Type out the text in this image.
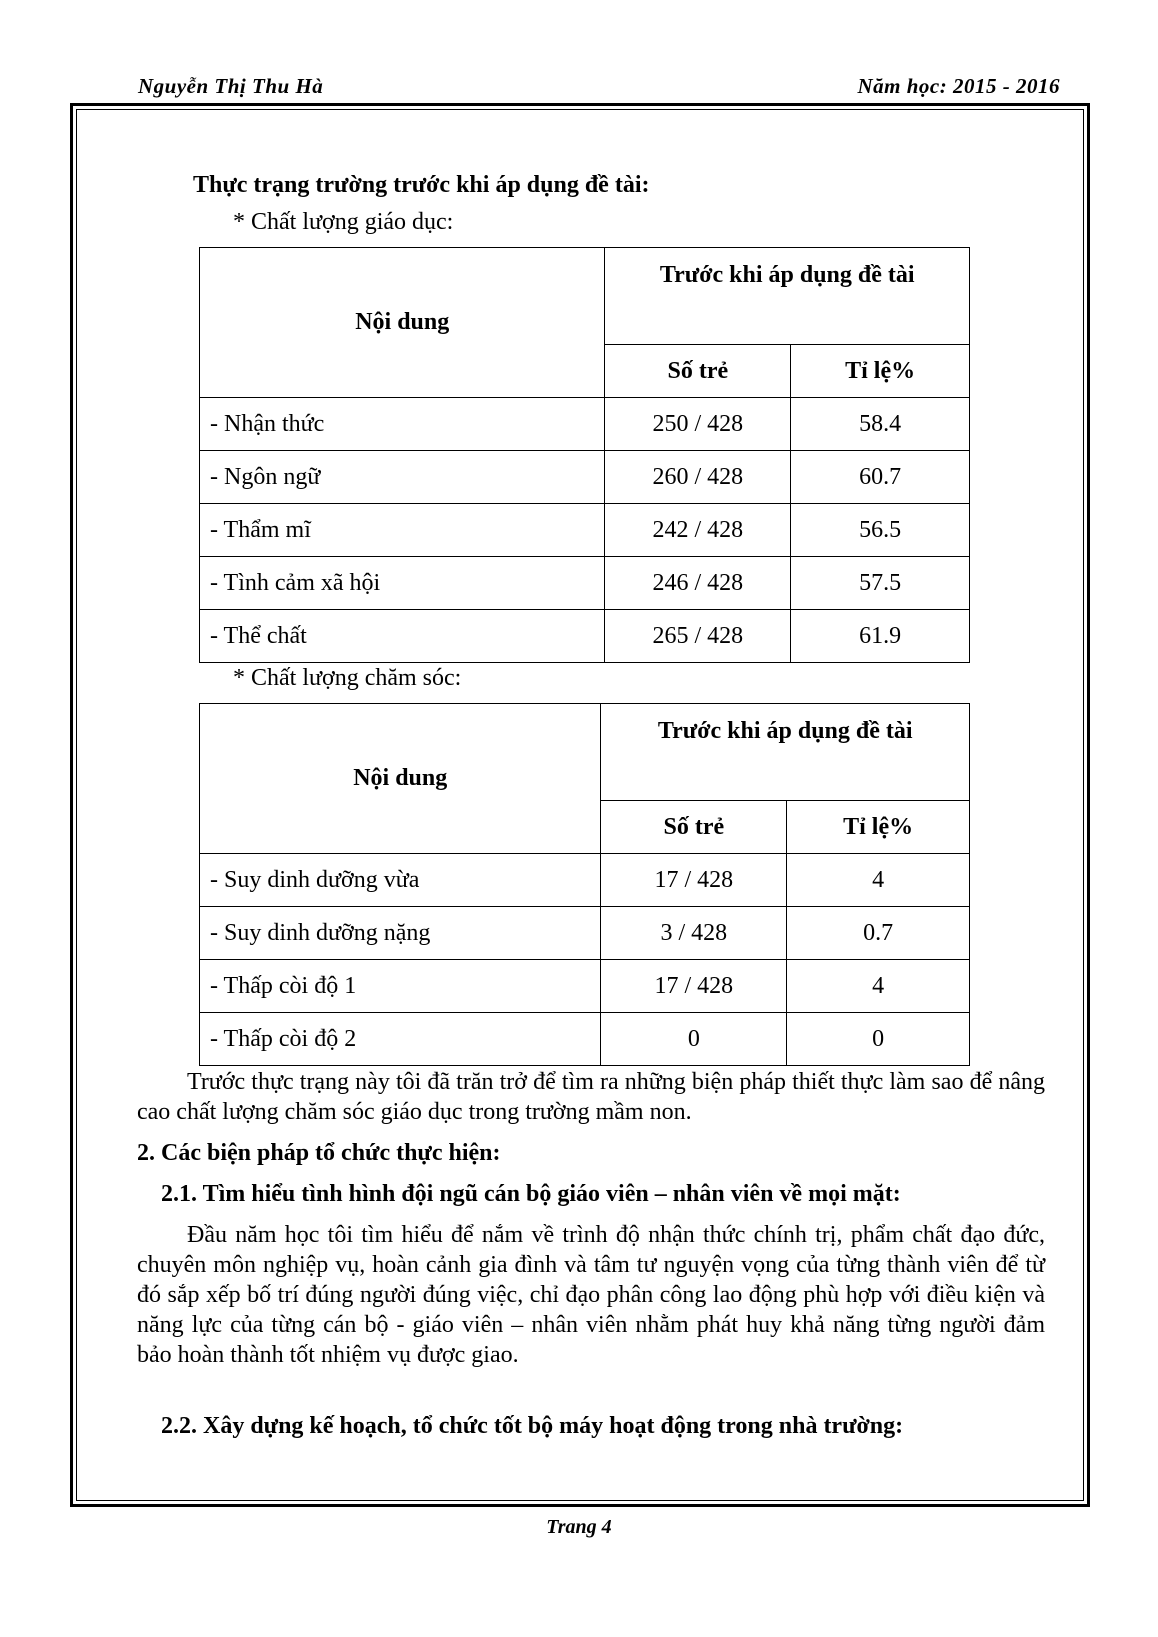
Nguyễn Thị Thu Hà	Năm học: 2015 - 2016
Thực trạng trường trước khi áp dụng đề tài:
* Chất lượng giáo dục:
Nội dung	Trước khi áp dụng đề tài	
	Số trẻ	Tỉ lệ%
- Nhận thức	250 / 428	58.4
- Ngôn ngữ	260 / 428	60.7
- Thẩm mĩ	242 / 428	56.5
- Tình cảm xã hội	246 / 428	57.5
- Thể chất	265 / 428	61.9
* Chất lượng chăm sóc:
Nội dung	Trước khi áp dụng đề tài	
	Số trẻ	Tỉ lệ%
- Suy dinh dưỡng vừa	17 / 428	4
- Suy dinh dưỡng nặng	3 / 428	0.7
- Thấp còi độ 1	17 / 428	4
- Thấp còi độ 2	0	0
Trước thực trạng này tôi đã trăn trở để tìm ra những biện pháp thiết thực làm sao để nâng cao chất lượng chăm sóc giáo dục trong trường mầm non.
2. Các biện pháp tổ chức thực hiện:
2.1. Tìm hiểu tình hình đội ngũ cán bộ giáo viên – nhân viên về mọi mặt:
Đầu năm học tôi tìm hiểu để nắm về trình độ nhận thức chính trị, phẩm chất đạo đức, chuyên môn nghiệp vụ, hoàn cảnh gia đình và tâm tư nguyện vọng của từng thành viên để từ đó sắp xếp bố trí đúng người đúng việc, chỉ đạo phân công lao động phù hợp với điều kiện và năng lực của từng cán bộ - giáo viên – nhân viên nhằm phát huy khả năng từng người đảm bảo hoàn thành tốt nhiệm vụ được giao.
2.2. Xây dựng kế hoạch, tổ chức tốt bộ máy hoạt động trong nhà trường:
Trang 4
